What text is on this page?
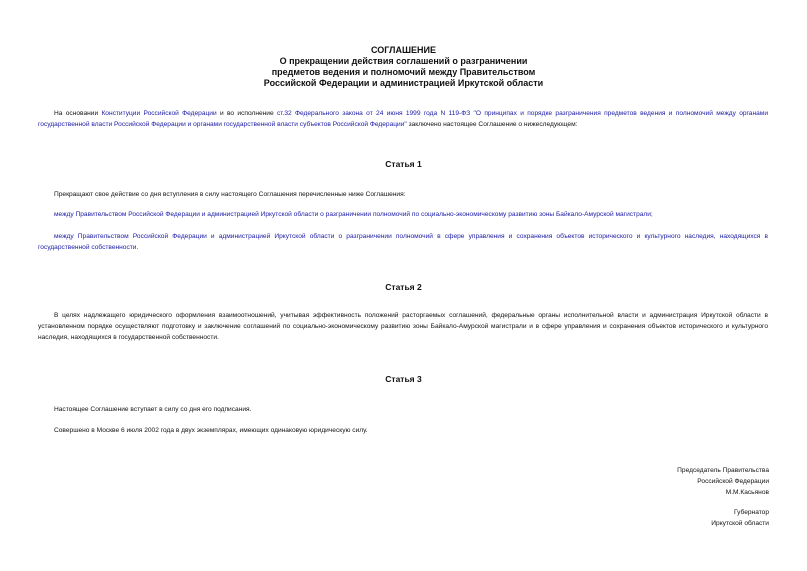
СОГЛАШЕНИЕ
О прекращении действия соглашений о разграничении
предметов ведения и полномочий между Правительством
Российской Федерации и администрацией Иркутской области
На основании Конституции Российской Федерации и во исполнение ст.32 Федерального закона от 24 июня 1999 года N 119-ФЗ "О принципах и порядке разграничения предметов ведения и полномочий между органами государственной власти Российской Федерации и органами государственной власти субъектов Российской Федерации" заключено настоящее Соглашение о нижеследующем:
Статья 1
Прекращают свое действие со дня вступления в силу настоящего Соглашения перечисленные ниже Соглашения:
между Правительством Российской Федерации и администрацией Иркутской области о разграничении полномочий по социально-экономическому развитию зоны Байкало-Амурской магистрали;
между Правительством Российской Федерации и администрацией Иркутской области о разграничении полномочий в сфере управления и сохранения объектов исторического и культурного наследия, находящихся в государственной собственности.
Статья 2
В целях надлежащего юридического оформления взаимоотношений, учитывая эффективность положений расторгаемых соглашений, федеральные органы исполнительной власти и администрация Иркутской области в установленном порядке осуществляют подготовку и заключение соглашений по социально-экономическому развитию зоны Байкало-Амурской магистрали и в сфере управления и сохранения объектов исторического и культурного наследия, находящихся в государственной собственности.
Статья 3
Настоящее Соглашение вступает в силу со дня его подписания.
Совершено в Москве 6 июля 2002 года в двух экземплярах, имеющих одинаковую юридическую силу.
Председатель Правительства
Российской Федерации
М.М.Касьянов
Губернатор
Иркутской области
